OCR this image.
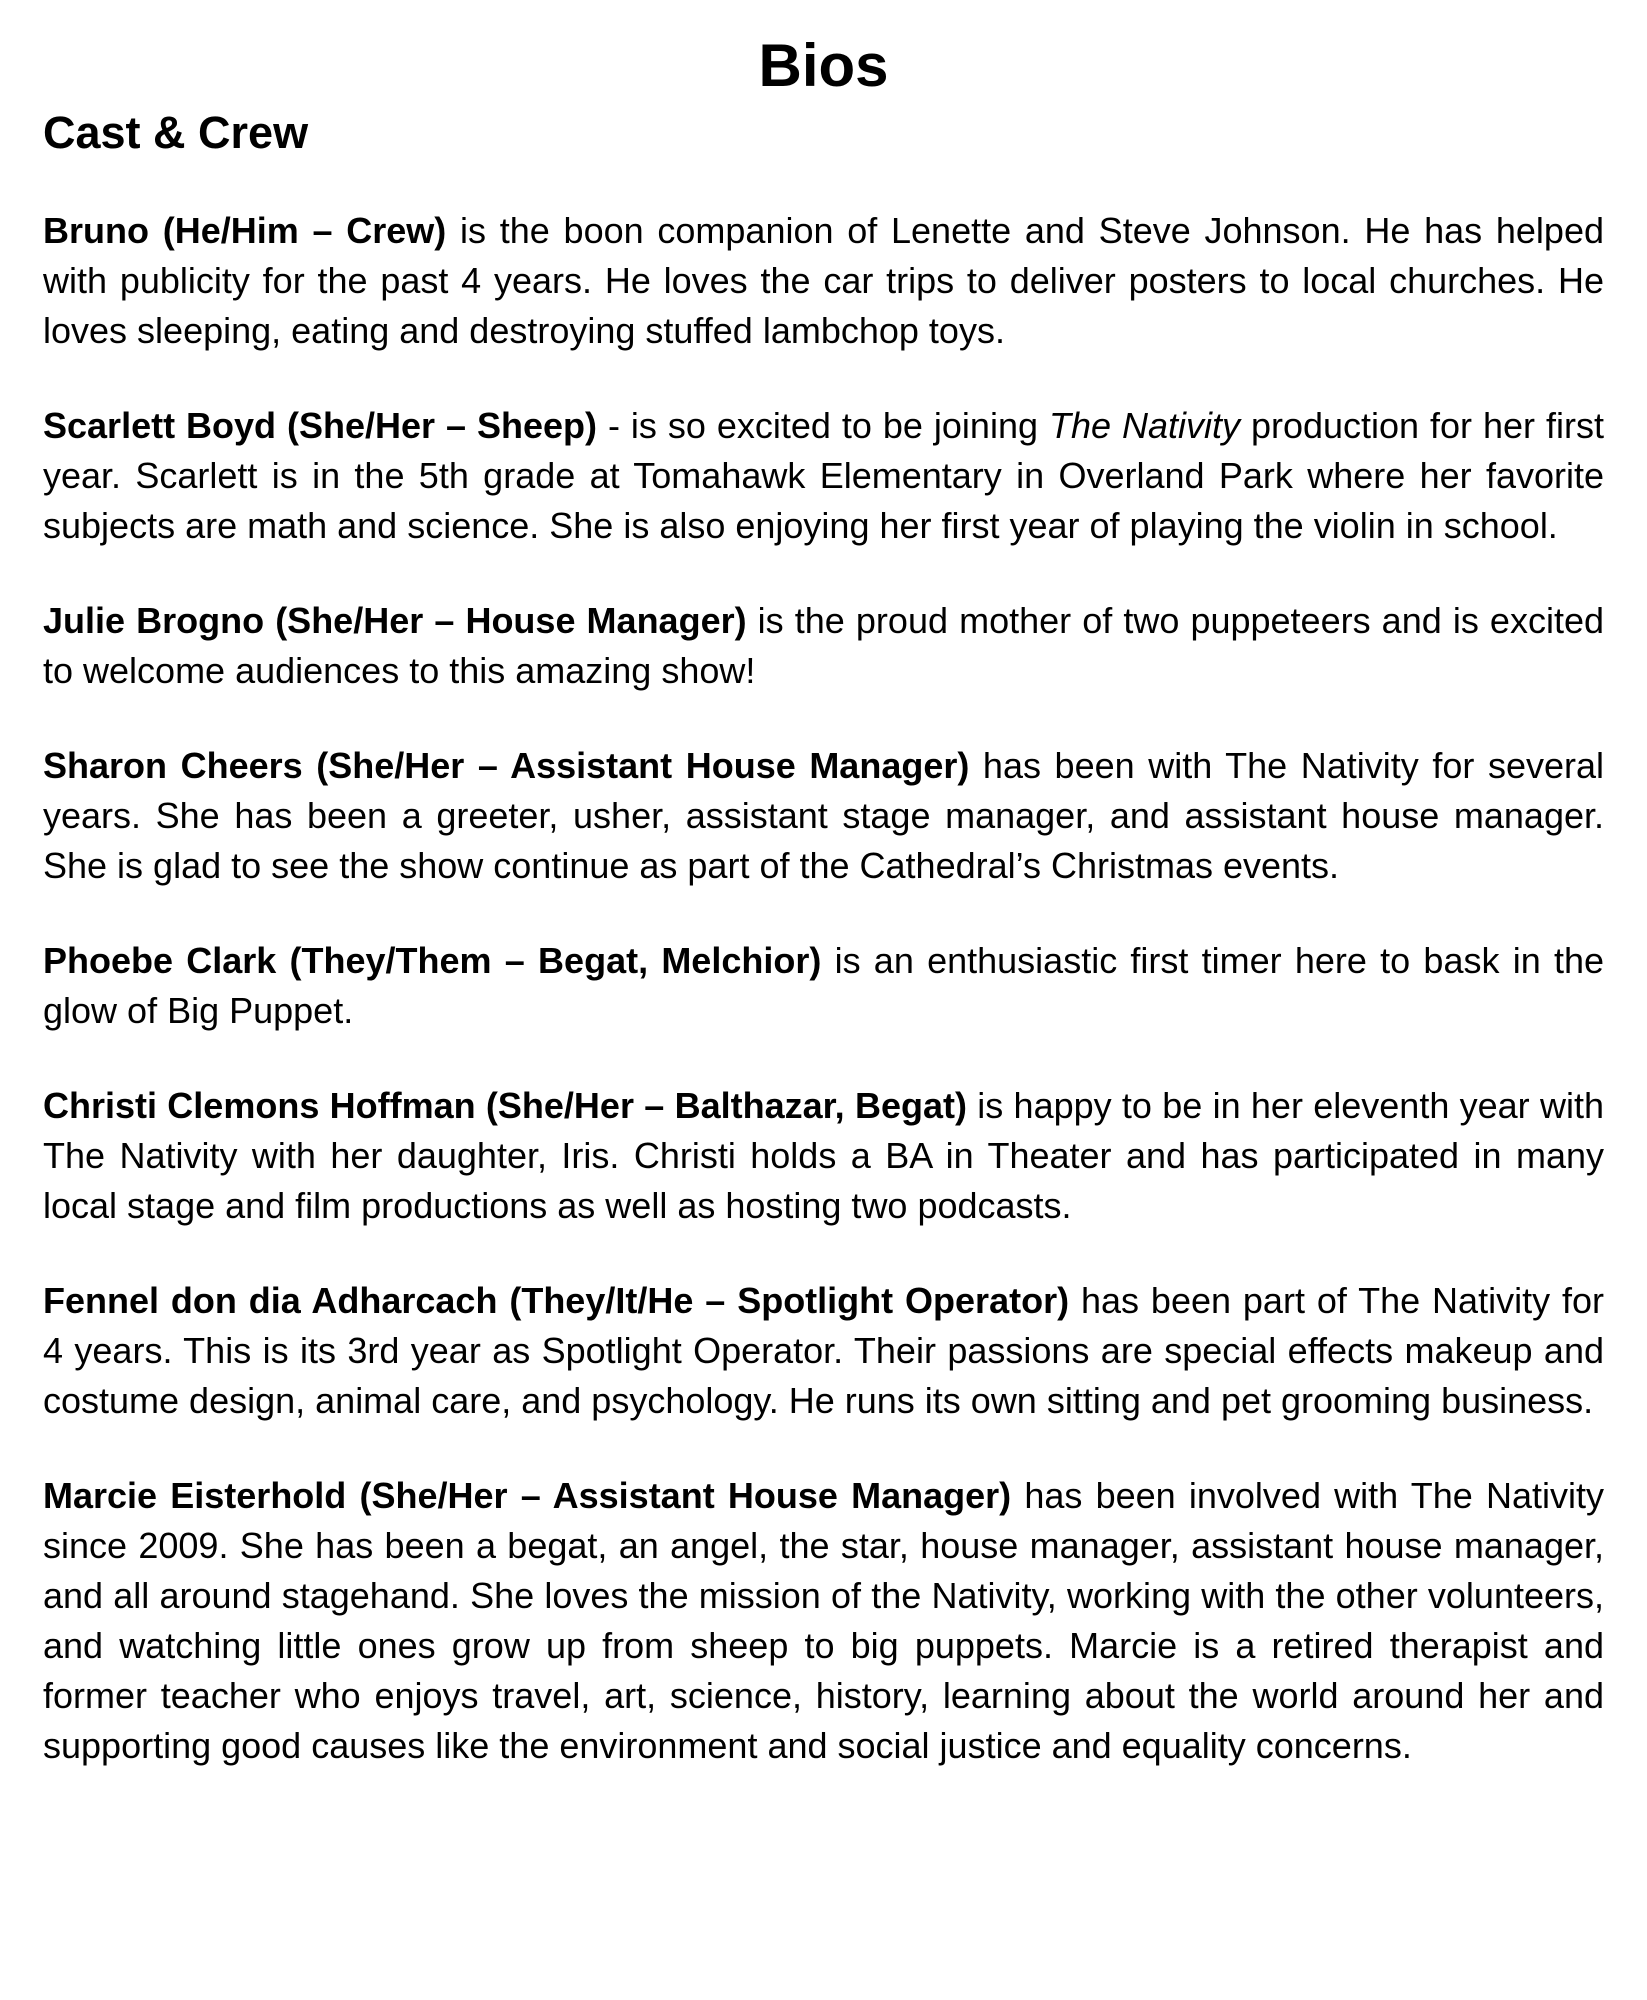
Bios
Cast & Crew

Bruno (He/Him – Crew) is the boon companion of Lenette and Steve Johnson. He has helped with publicity for the past 4 years. He loves the car trips to deliver posters to local churches. He loves sleeping, eating and destroying stuffed lambchop toys.

Scarlett Boyd (She/Her – Sheep) - is so excited to be joining The Nativity production for her first year. Scarlett is in the 5th grade at Tomahawk Elementary in Overland Park where her favorite subjects are math and science. She is also enjoying her first year of playing the violin in school.

Julie Brogno (She/Her – House Manager) is the proud mother of two puppeteers and is excited to welcome audiences to this amazing show!

Sharon Cheers (She/Her – Assistant House Manager) has been with The Nativity for several years. She has been a greeter, usher, assistant stage manager, and assistant house manager. She is glad to see the show continue as part of the Cathedral’s Christmas events.

Phoebe Clark (They/Them – Begat, Melchior) is an enthusiastic first timer here to bask in the glow of Big Puppet.

Christi Clemons Hoffman (She/Her – Balthazar, Begat) is happy to be in her eleventh year with The Nativity with her daughter, Iris. Christi holds a BA in Theater and has participated in many local stage and film productions as well as hosting two podcasts.

Fennel don dia Adharcach (They/It/He – Spotlight Operator) has been part of The Nativity for 4 years. This is its 3rd year as Spotlight Operator. Their passions are special effects makeup and costume design, animal care, and psychology. He runs its own sitting and pet grooming business.

Marcie Eisterhold (She/Her – Assistant House Manager) has been involved with The Nativity since 2009. She has been a begat, an angel, the star, house manager, assistant house manager, and all around stagehand. She loves the mission of the Nativity, working with the other volunteers, and watching little ones grow up from sheep to big puppets. Marcie is a retired therapist and former teacher who enjoys travel, art, science, history, learning about the world around her and supporting good causes like the environment and social justice and equality concerns.
